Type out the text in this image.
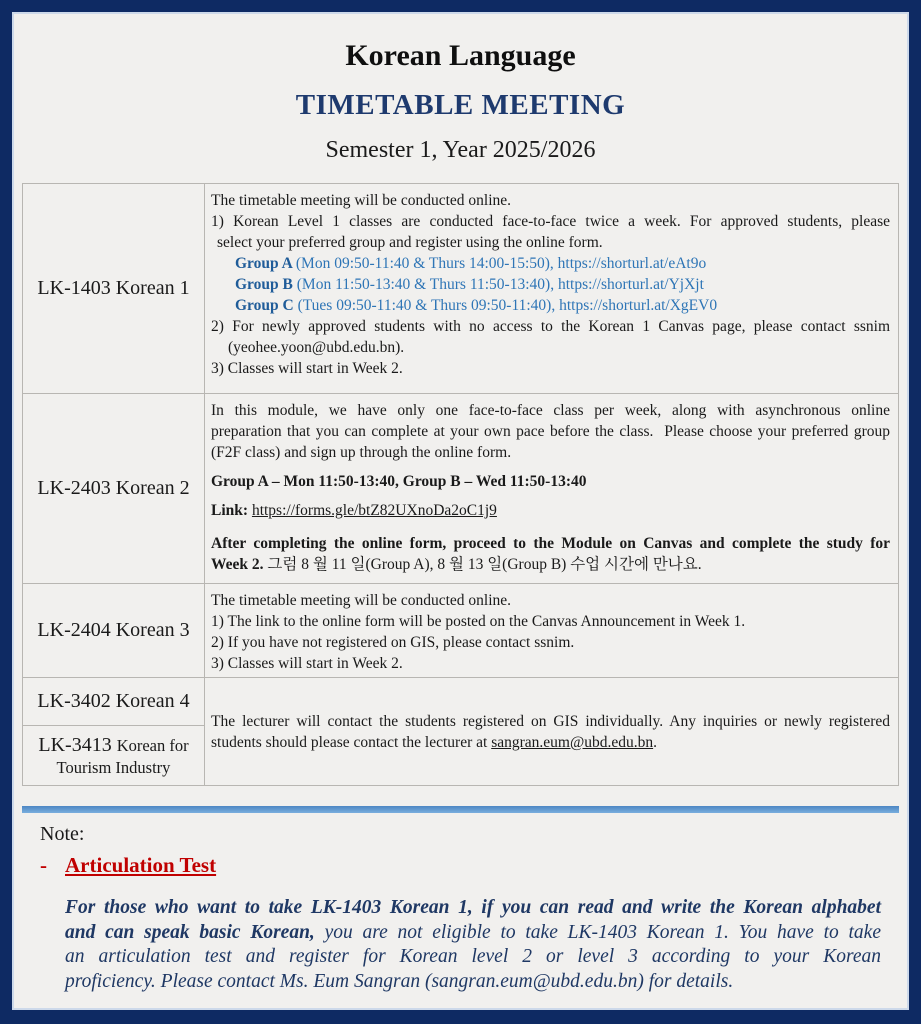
Korean Language
TIMETABLE MEETING
Semester 1, Year 2025/2026
LK-1403 Korean 1
The timetable meeting will be conducted online.
1) Korean Level 1 classes are conducted face-to-face twice a week. For approved students, please
select your preferred group and register using the online form.
Group A (Mon 09:50-11:40 & Thurs 14:00-15:50), https://shorturl.at/eAt9o
Group B (Mon 11:50-13:40 & Thurs 11:50-13:40), https://shorturl.at/YjXjt
Group C (Tues 09:50-11:40 & Thurs 09:50-11:40), https://shorturl.at/XgEV0
2) For newly approved students with no access to the Korean 1 Canvas page, please contact ssnim
(yeohee.yoon@ubd.edu.bn).
3) Classes will start in Week 2.
LK-2403 Korean 2
In this module, we have only one face-to-face class per week, along with asynchronous online
preparation that you can complete at your own pace before the class.  Please choose your preferred group
(F2F class) and sign up through the online form.
Group A – Mon 11:50-13:40, Group B – Wed 11:50-13:40
Link: https://forms.gle/btZ82UXnoDa2oC1j9
After completing the online form, proceed to the Module on Canvas and complete the study for
Week 2. 그럼 8 월 11 일(Group A), 8 월 13 일(Group B) 수업 시간에 만나요.
LK-2404 Korean 3
The timetable meeting will be conducted online.
1) The link to the online form will be posted on the Canvas Announcement in Week 1.
2) If you have not registered on GIS, please contact ssnim.
3) Classes will start in Week 2.
LK-3402 Korean 4
LK-3413 Korean for
Tourism Industry
The lecturer will contact the students registered on GIS individually. Any inquiries or newly registered
students should please contact the lecturer at sangran.eum@ubd.edu.bn.
Note:
- Articulation Test
For those who want to take LK-1403 Korean 1, if you can read and write the Korean alphabet
and can speak basic Korean, you are not eligible to take LK-1403 Korean 1. You have to take
an articulation test and register for Korean level 2 or level 3 according to your Korean
proficiency. Please contact Ms. Eum Sangran (sangran.eum@ubd.edu.bn) for details.
